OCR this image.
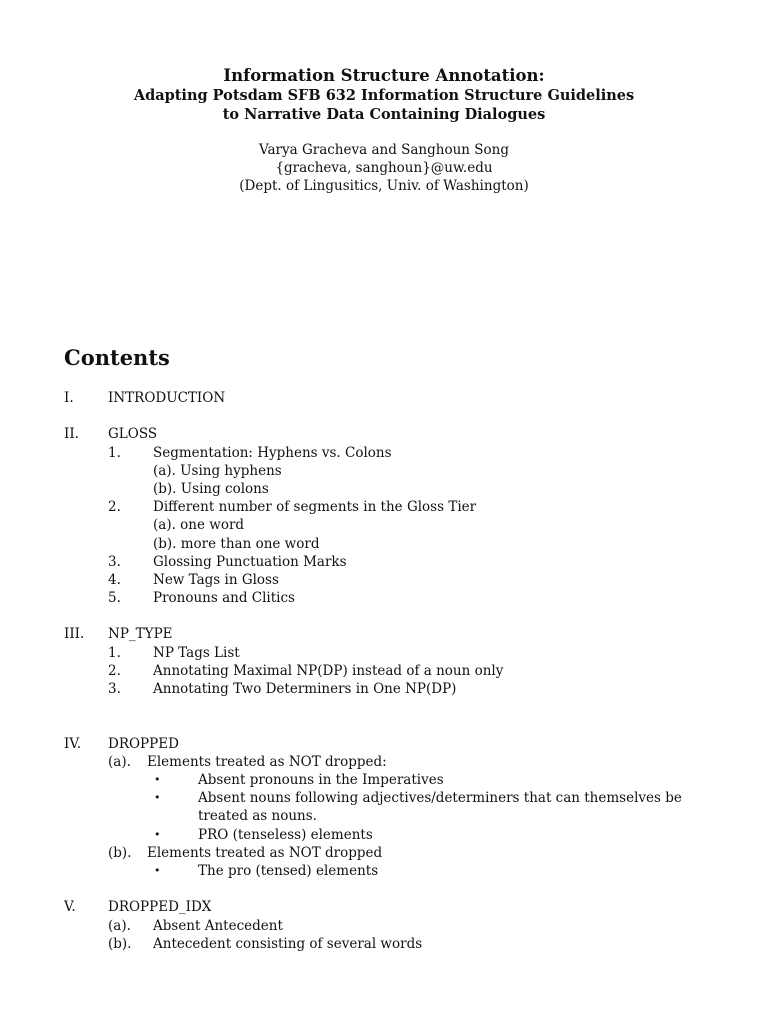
Information Structure Annotation:
Adapting Potsdam SFB 632 Information Structure Guidelines
to Narrative Data Containing Dialogues
Varya Gracheva and Sanghoun Song
{gracheva, sanghoun}@uw.edu
(Dept. of Lingusitics, Univ. of Washington)
Contents
I.	INTRODUCTION
II. GLOSS
1. Segmentation: Hyphens vs. Colons
(a). Using hyphens
(b). Using colons
2. Different number of segments in the Gloss Tier
(a). one word
(b). more than one word
3. Glossing Punctuation Marks
4. New Tags in Gloss
5. Pronouns and Clitics
III. NP_TYPE
1. NP Tags List
2. Annotating Maximal NP(DP) instead of a noun only
3. Annotating Two Determiners in One NP(DP)
IV. DROPPED
(a). Elements treated as NOT dropped:
•	Absent pronouns in the Imperatives
•	Absent nouns following adjectives/determiners that can themselves be
treated as nouns.
•	PRO (tenseless) elements
(b). Elements treated as NOT dropped
•	The pro (tensed) elements
V. DROPPED_IDX
(a). Absent Antecedent
(b). Antecedent consisting of several words
